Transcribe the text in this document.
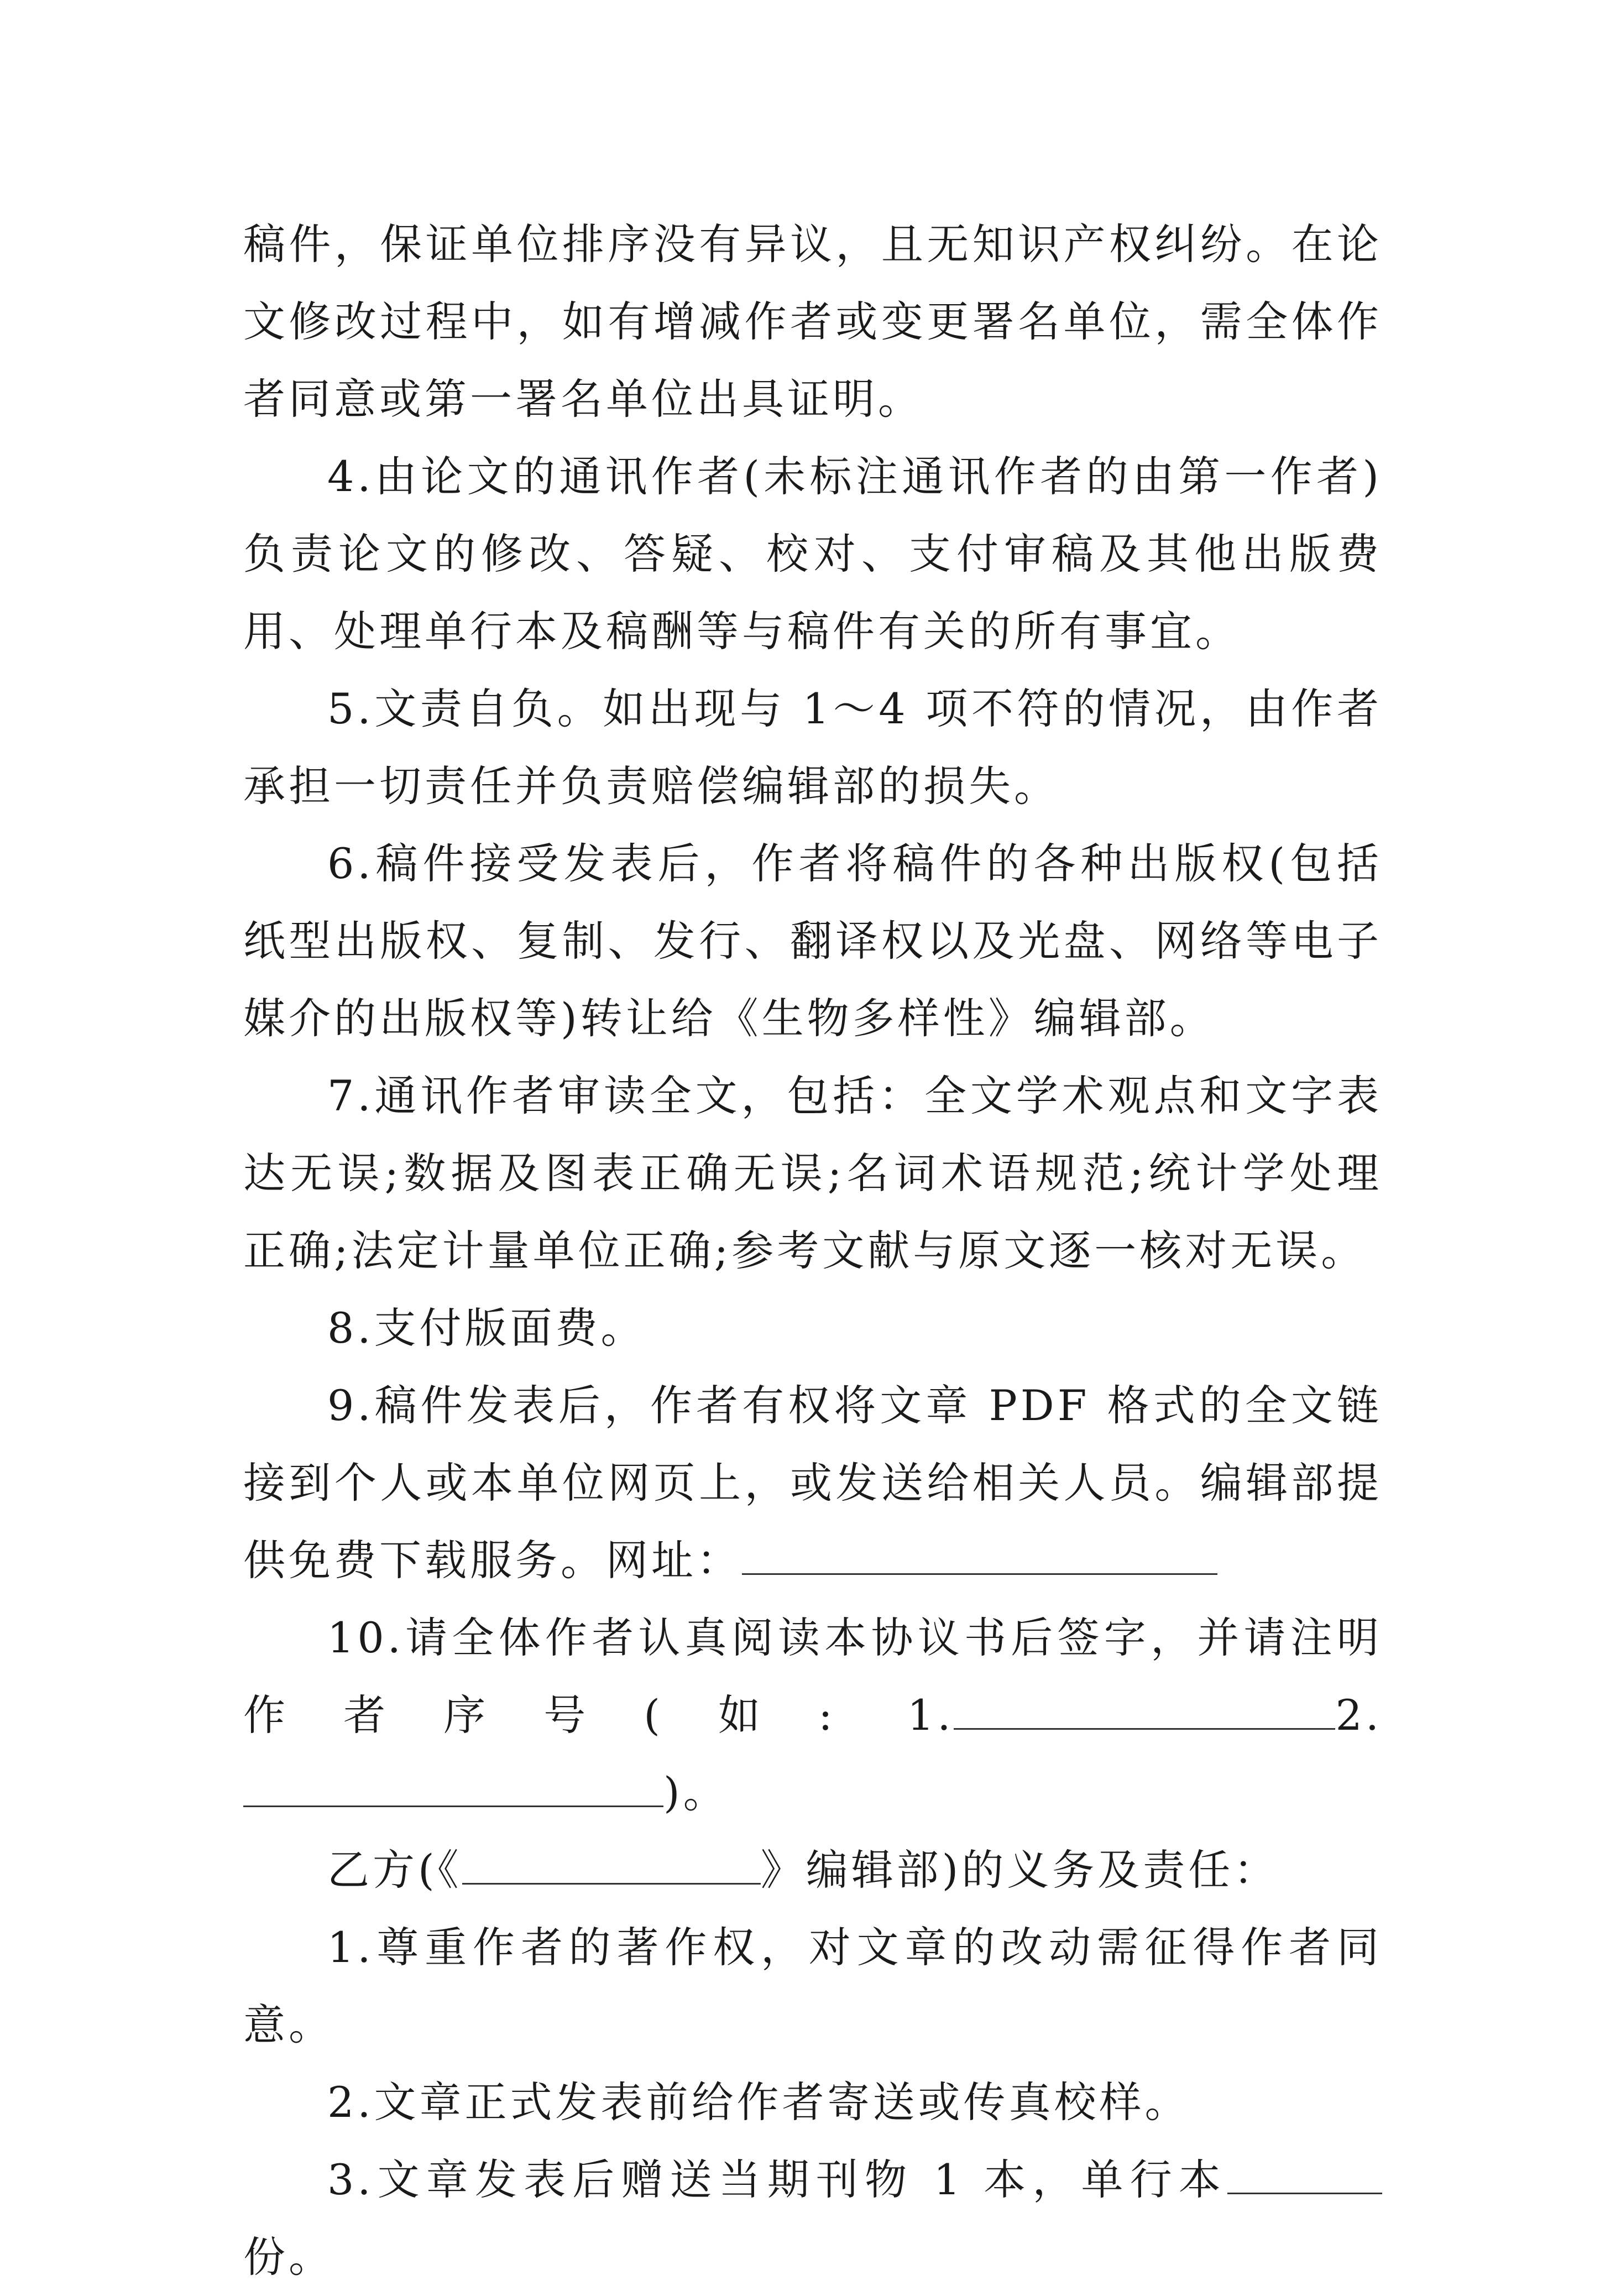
稿件，保证单位排序没有异议，且无知识产权纠纷。在论文修改过程中，如有增减作者或变更署名单位，需全体作者同意或第一署名单位出具证明。

4.由论文的通讯作者(未标注通讯作者的由第一作者)负责论文的修改、答疑、校对、支付审稿及其他出版费用、处理单行本及稿酬等与稿件有关的所有事宜。

5.文责自负。如出现与 1～4 项不符的情况，由作者承担一切责任并负责赔偿编辑部的损失。

6.稿件接受发表后，作者将稿件的各种出版权(包括纸型出版权、复制、发行、翻译权以及光盘、网络等电子媒介的出版权等)转让给《生物多样性》编辑部。

7.通讯作者审读全文，包括：全文学术观点和文字表达无误;数据及图表正确无误;名词术语规范;统计学处理正确;法定计量单位正确;参考文献与原文逐一核对无误。

8.支付版面费。

9.稿件发表后，作者有权将文章 PDF 格式的全文链接到个人或本单位网页上，或发送给相关人员。编辑部提供免费下载服务。网址：

10.请全体作者认真阅读本协议书后签字，并请注明作者序号(如: 1.	2.)。

乙方(《	》编辑部)的义务及责任：

1.尊重作者的著作权，对文章的改动需征得作者同意。

2.文章正式发表前给作者寄送或传真校样。

3.文章发表后赠送当期刊物 1 本，单行本份。
